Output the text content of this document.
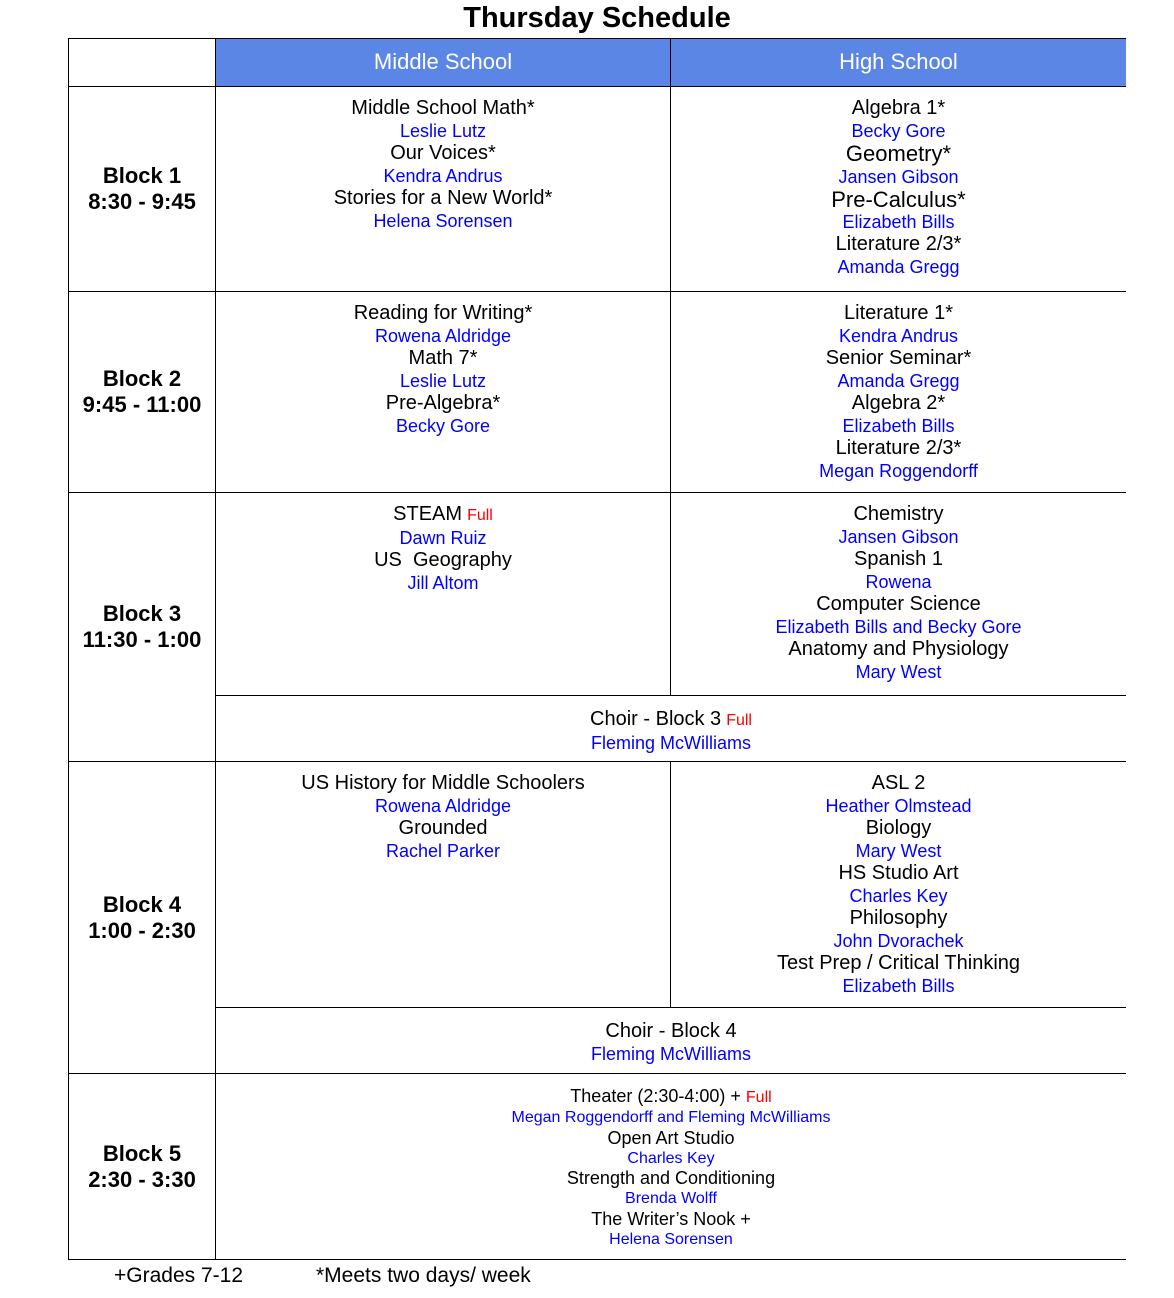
Thursday Schedule
Middle School	High School
Block 1
8:30 - 9:45
Middle School Math*
Leslie Lutz
Our Voices*
Kendra Andrus
Stories for a New World*
Helena Sorensen
Algebra 1*
Becky Gore
Geometry*
Jansen Gibson
Pre-Calculus*
Elizabeth Bills
Literature 2/3*
Amanda Gregg
Block 2
9:45 - 11:00
Reading for Writing*
Rowena Aldridge
Math 7*
Leslie Lutz
Pre-Algebra*
Becky Gore
Literature 1*
Kendra Andrus
Senior Seminar*
Amanda Gregg
Algebra 2*
Elizabeth Bills
Literature 2/3*
Megan Roggendorff
Block 3
11:30 - 1:00
STEAM Full
Dawn Ruiz
US  Geography
Jill Altom
Chemistry
Jansen Gibson
Spanish 1
Rowena
Computer Science
Elizabeth Bills and Becky Gore
Anatomy and Physiology
Mary West
Choir - Block 3 Full
Fleming McWilliams
Block 4
1:00 - 2:30
US History for Middle Schoolers
Rowena Aldridge
Grounded
Rachel Parker
ASL 2
Heather Olmstead
Biology
Mary West
HS Studio Art
Charles Key
Philosophy
John Dvorachek
Test Prep / Critical Thinking
Elizabeth Bills
Choir - Block 4
Fleming McWilliams
Block 5
2:30 - 3:30
Theater (2:30-4:00) + Full
Megan Roggendorff and Fleming McWilliams
Open Art Studio
Charles Key
Strength and Conditioning
Brenda Wolff
The Writer’s Nook +
Helena Sorensen
+Grades 7-12	*Meets two days/ week
